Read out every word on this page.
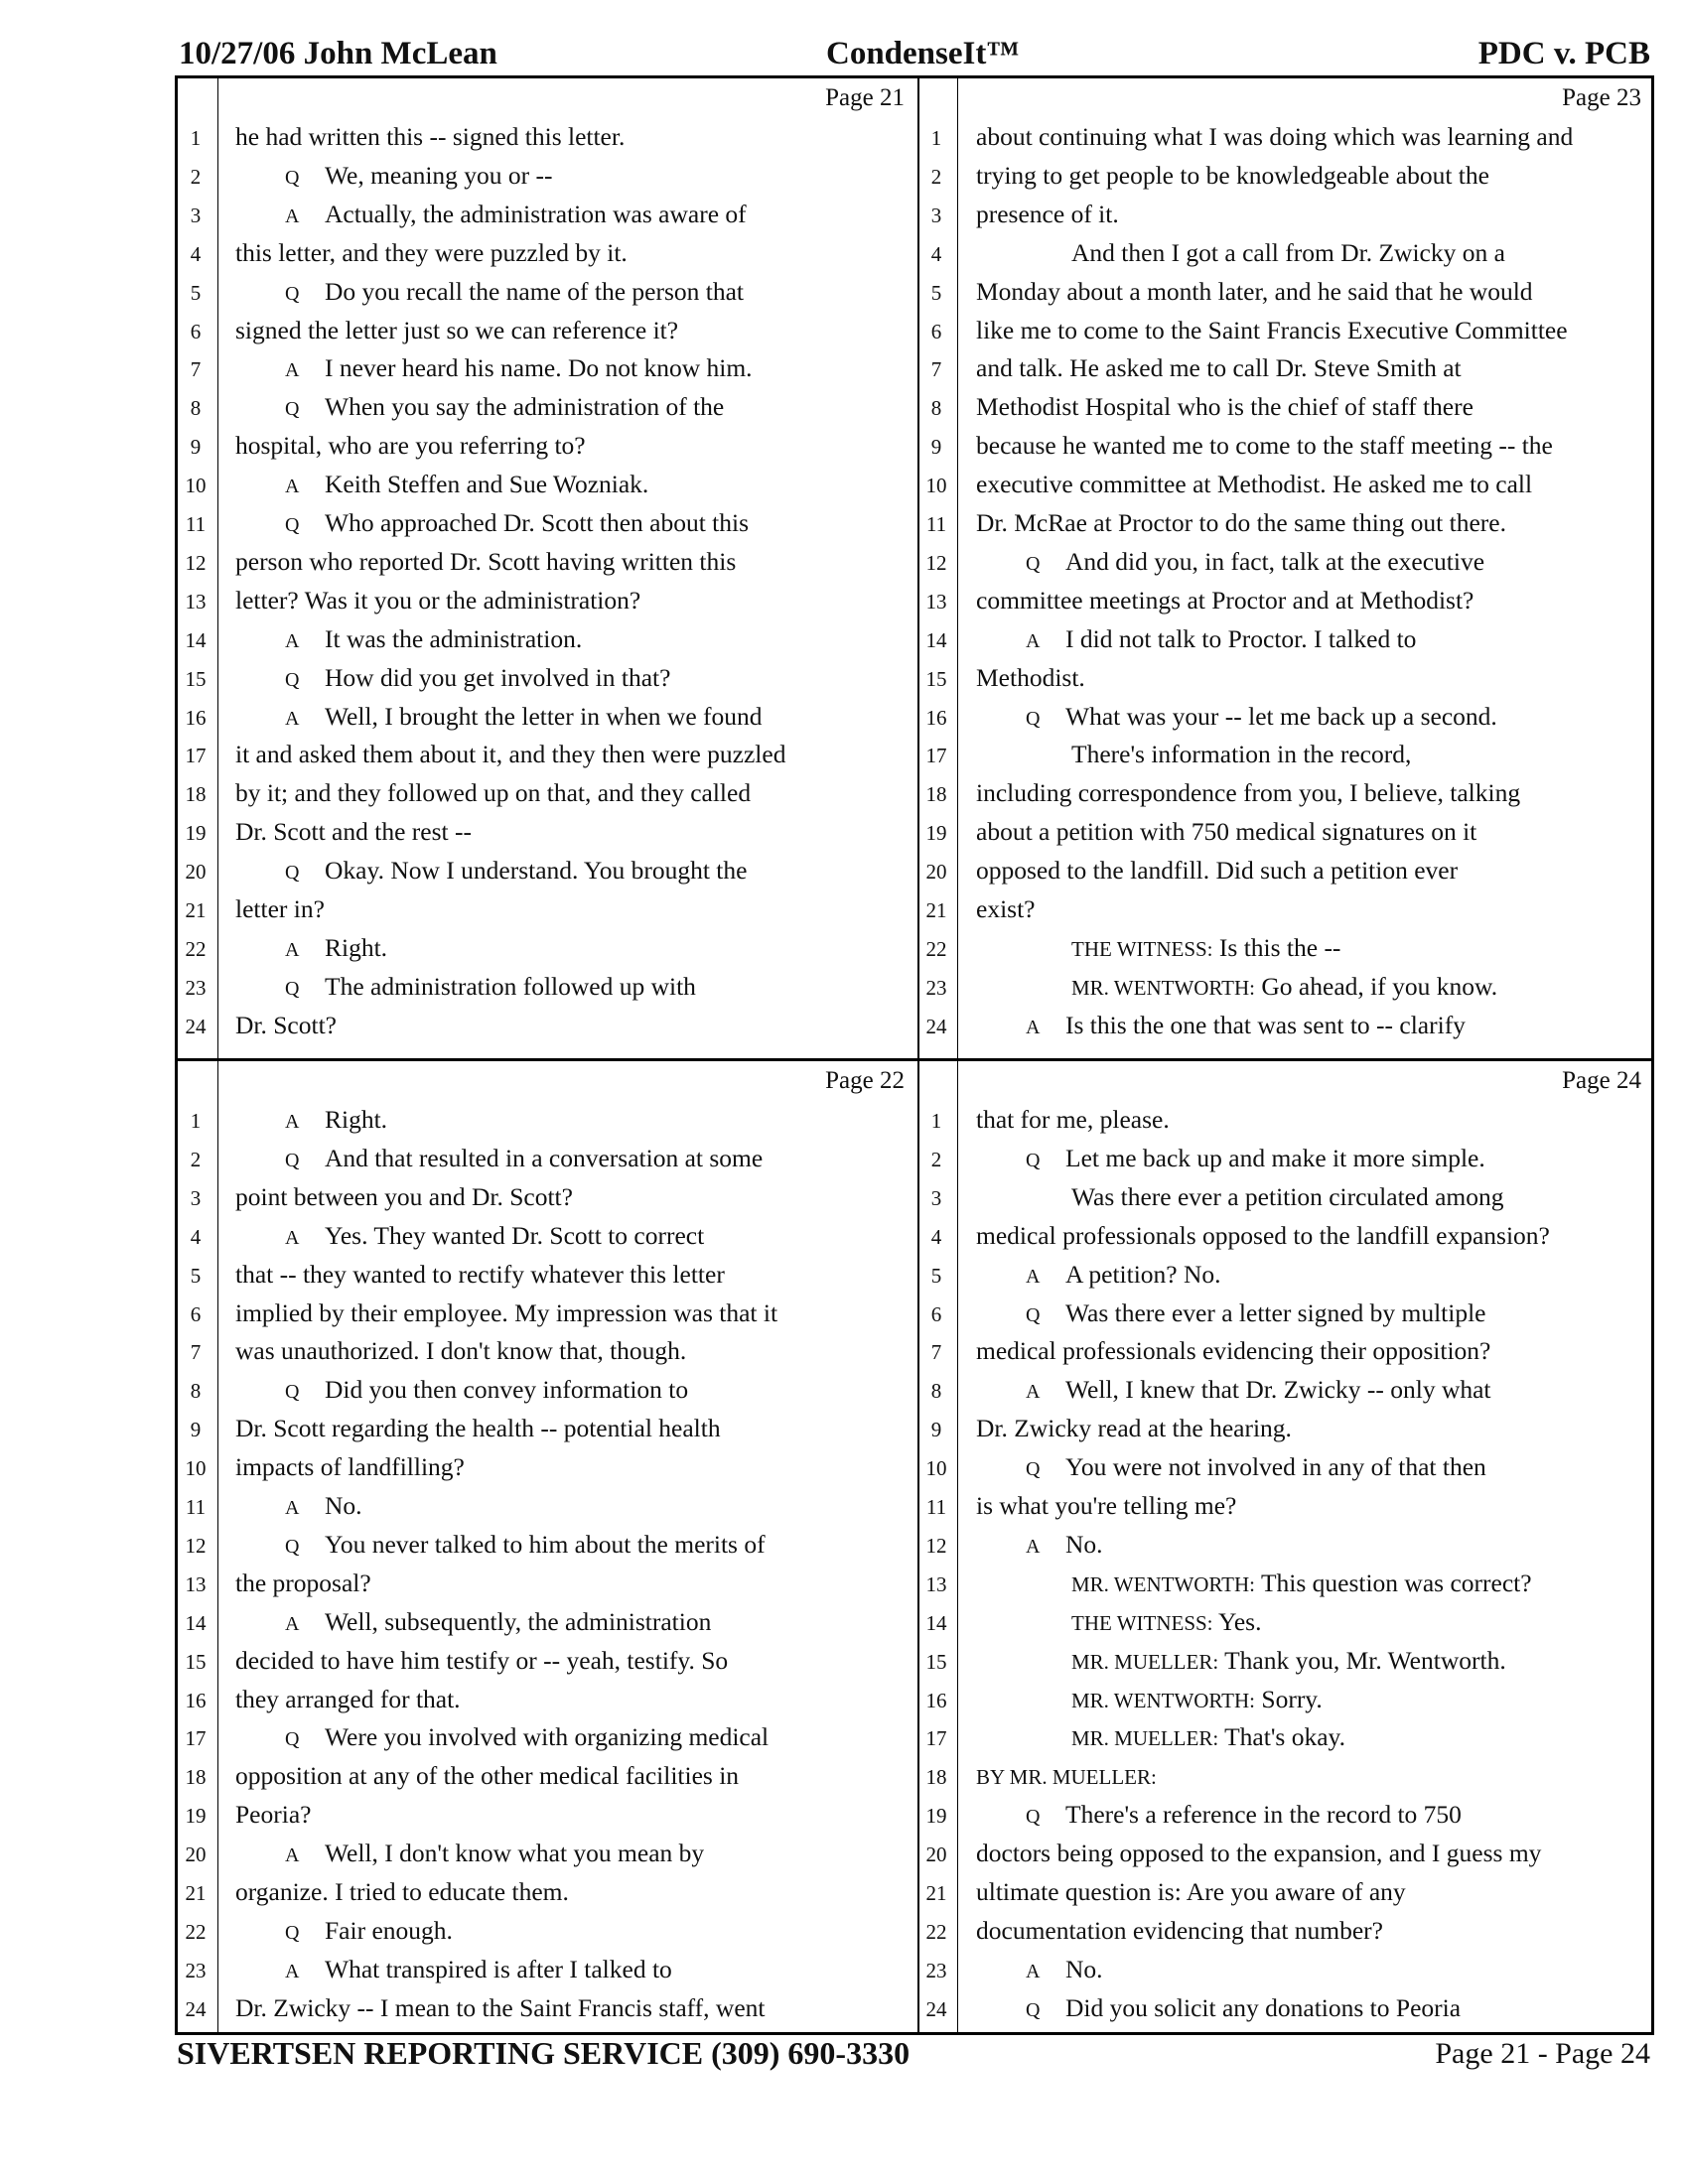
10/27/06 John McLean	CondenseIt™	PDC v. PCB
Page 21
1	he had written this -- signed this letter.
2	Q We, meaning you or --
3	A Actually, the administration was aware of
4	this letter, and they were puzzled by it.
5	Q Do you recall the name of the person that
6	signed the letter just so we can reference it?
7	A I never heard his name. Do not know him.
8	Q When you say the administration of the
9	hospital, who are you referring to?
10	A Keith Steffen and Sue Wozniak.
11	Q Who approached Dr. Scott then about this
12 person who reported Dr. Scott having written this
13 letter? Was it you or the administration?
14	A It was the administration.
15	Q How did you get involved in that?
16	A Well, I brought the letter in when we found
17 it and asked them about it, and they then were puzzled
18 by it; and they followed up on that, and they called
19 Dr. Scott and the rest --
20	Q Okay. Now I understand. You brought the
21 letter in?
22	A Right.
23	Q The administration followed up with
24 Dr. Scott?
Page 23
1	about continuing what I was doing which was learning and
2	trying to get people to be knowledgeable about the
3	presence of it.
4	And then I got a call from Dr. Zwicky on a
5	Monday about a month later, and he said that he would
6	like me to come to the Saint Francis Executive Committee
7	and talk. He asked me to call Dr. Steve Smith at
8	Methodist Hospital who is the chief of staff there
9	because he wanted me to come to the staff meeting -- the
10 executive committee at Methodist. He asked me to call
11	Dr. McRae at Proctor to do the same thing out there.
12	Q And did you, in fact, talk at the executive
13 committee meetings at Proctor and at Methodist?
14	A I did not talk to Proctor. I talked to
15 Methodist.
16	Q What was your -- let me back up a second.
17	There's information in the record,
18 including correspondence from you, I believe, talking
19 about a petition with 750 medical signatures on it
20 opposed to the landfill. Did such a petition ever
21 exist?
22	THE WITNESS: Is this the --
23	MR. WENTWORTH: Go ahead, if you know.
24	A Is this the one that was sent to -- clarify
Page 22
1	A Right.
2	Q And that resulted in a conversation at some
3	point between you and Dr. Scott?
4	A Yes. They wanted Dr. Scott to correct
5	that -- they wanted to rectify whatever this letter
6	implied by their employee. My impression was that it
7	was unauthorized. I don't know that, though.
8	Q Did you then convey information to
9	Dr. Scott regarding the health -- potential health
10 impacts of landfilling?
11	A No.
12	Q You never talked to him about the merits of
13 the proposal?
14	A Well, subsequently, the administration
15 decided to have him testify or -- yeah, testify. So
16 they arranged for that.
17	Q Were you involved with organizing medical
18 opposition at any of the other medical facilities in
19 Peoria?
20	A Well, I don't know what you mean by
21 organize. I tried to educate them.
22	Q Fair enough.
23	A What transpired is after I talked to
24 Dr. Zwicky -- I mean to the Saint Francis staff, went
Page 24
1	that for me, please.
2	Q Let me back up and make it more simple.
3	Was there ever a petition circulated among
4	medical professionals opposed to the landfill expansion?
5	A A petition? No.
6	Q Was there ever a letter signed by multiple
7	medical professionals evidencing their opposition?
8	A Well, I knew that Dr. Zwicky -- only what
9	Dr. Zwicky read at the hearing.
10	Q You were not involved in any of that then
11	is what you're telling me?
12	A No.
13	MR. WENTWORTH: This question was correct?
14	THE WITNESS: Yes.
15	MR. MUELLER: Thank you, Mr. Wentworth.
16	MR. WENTWORTH: Sorry.
17	MR. MUELLER: That's okay.
18	BY MR. MUELLER:
19	Q There's a reference in the record to 750
20 doctors being opposed to the expansion, and I guess my
21 ultimate question is: Are you aware of any
22 documentation evidencing that number?
23	A No.
24	Q Did you solicit any donations to Peoria
SIVERTSEN REPORTING SERVICE (309) 690-3330	Page 21 - Page 24
